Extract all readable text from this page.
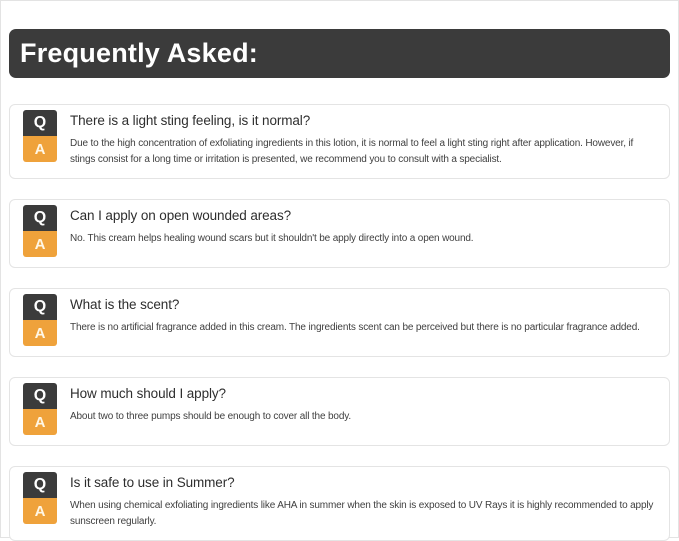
Frequently Asked:
Q
A
There is a light sting feeling, is it normal?
Due to the high concentration of exfoliating ingredients in this lotion, it is normal to feel a light sting right after application. However, if stings consist for a long time or irritation is presented, we recommend you to consult with a specialist.
Q
A
Can I apply on open wounded areas?
No. This cream helps healing wound scars but it shouldn't be apply directly into a open wound.
Q
A
What is the scent?
There is no artificial fragrance added in this cream. The ingredients scent can be perceived but there is no particular fragrance added.
Q
A
How much should I apply?
About two to three pumps should be enough to cover all the body.
Q
A
Is it safe to use in Summer?
When using chemical exfoliating ingredients like AHA in summer when the skin is exposed to UV Rays it is highly recommended to apply sunscreen regularly.
